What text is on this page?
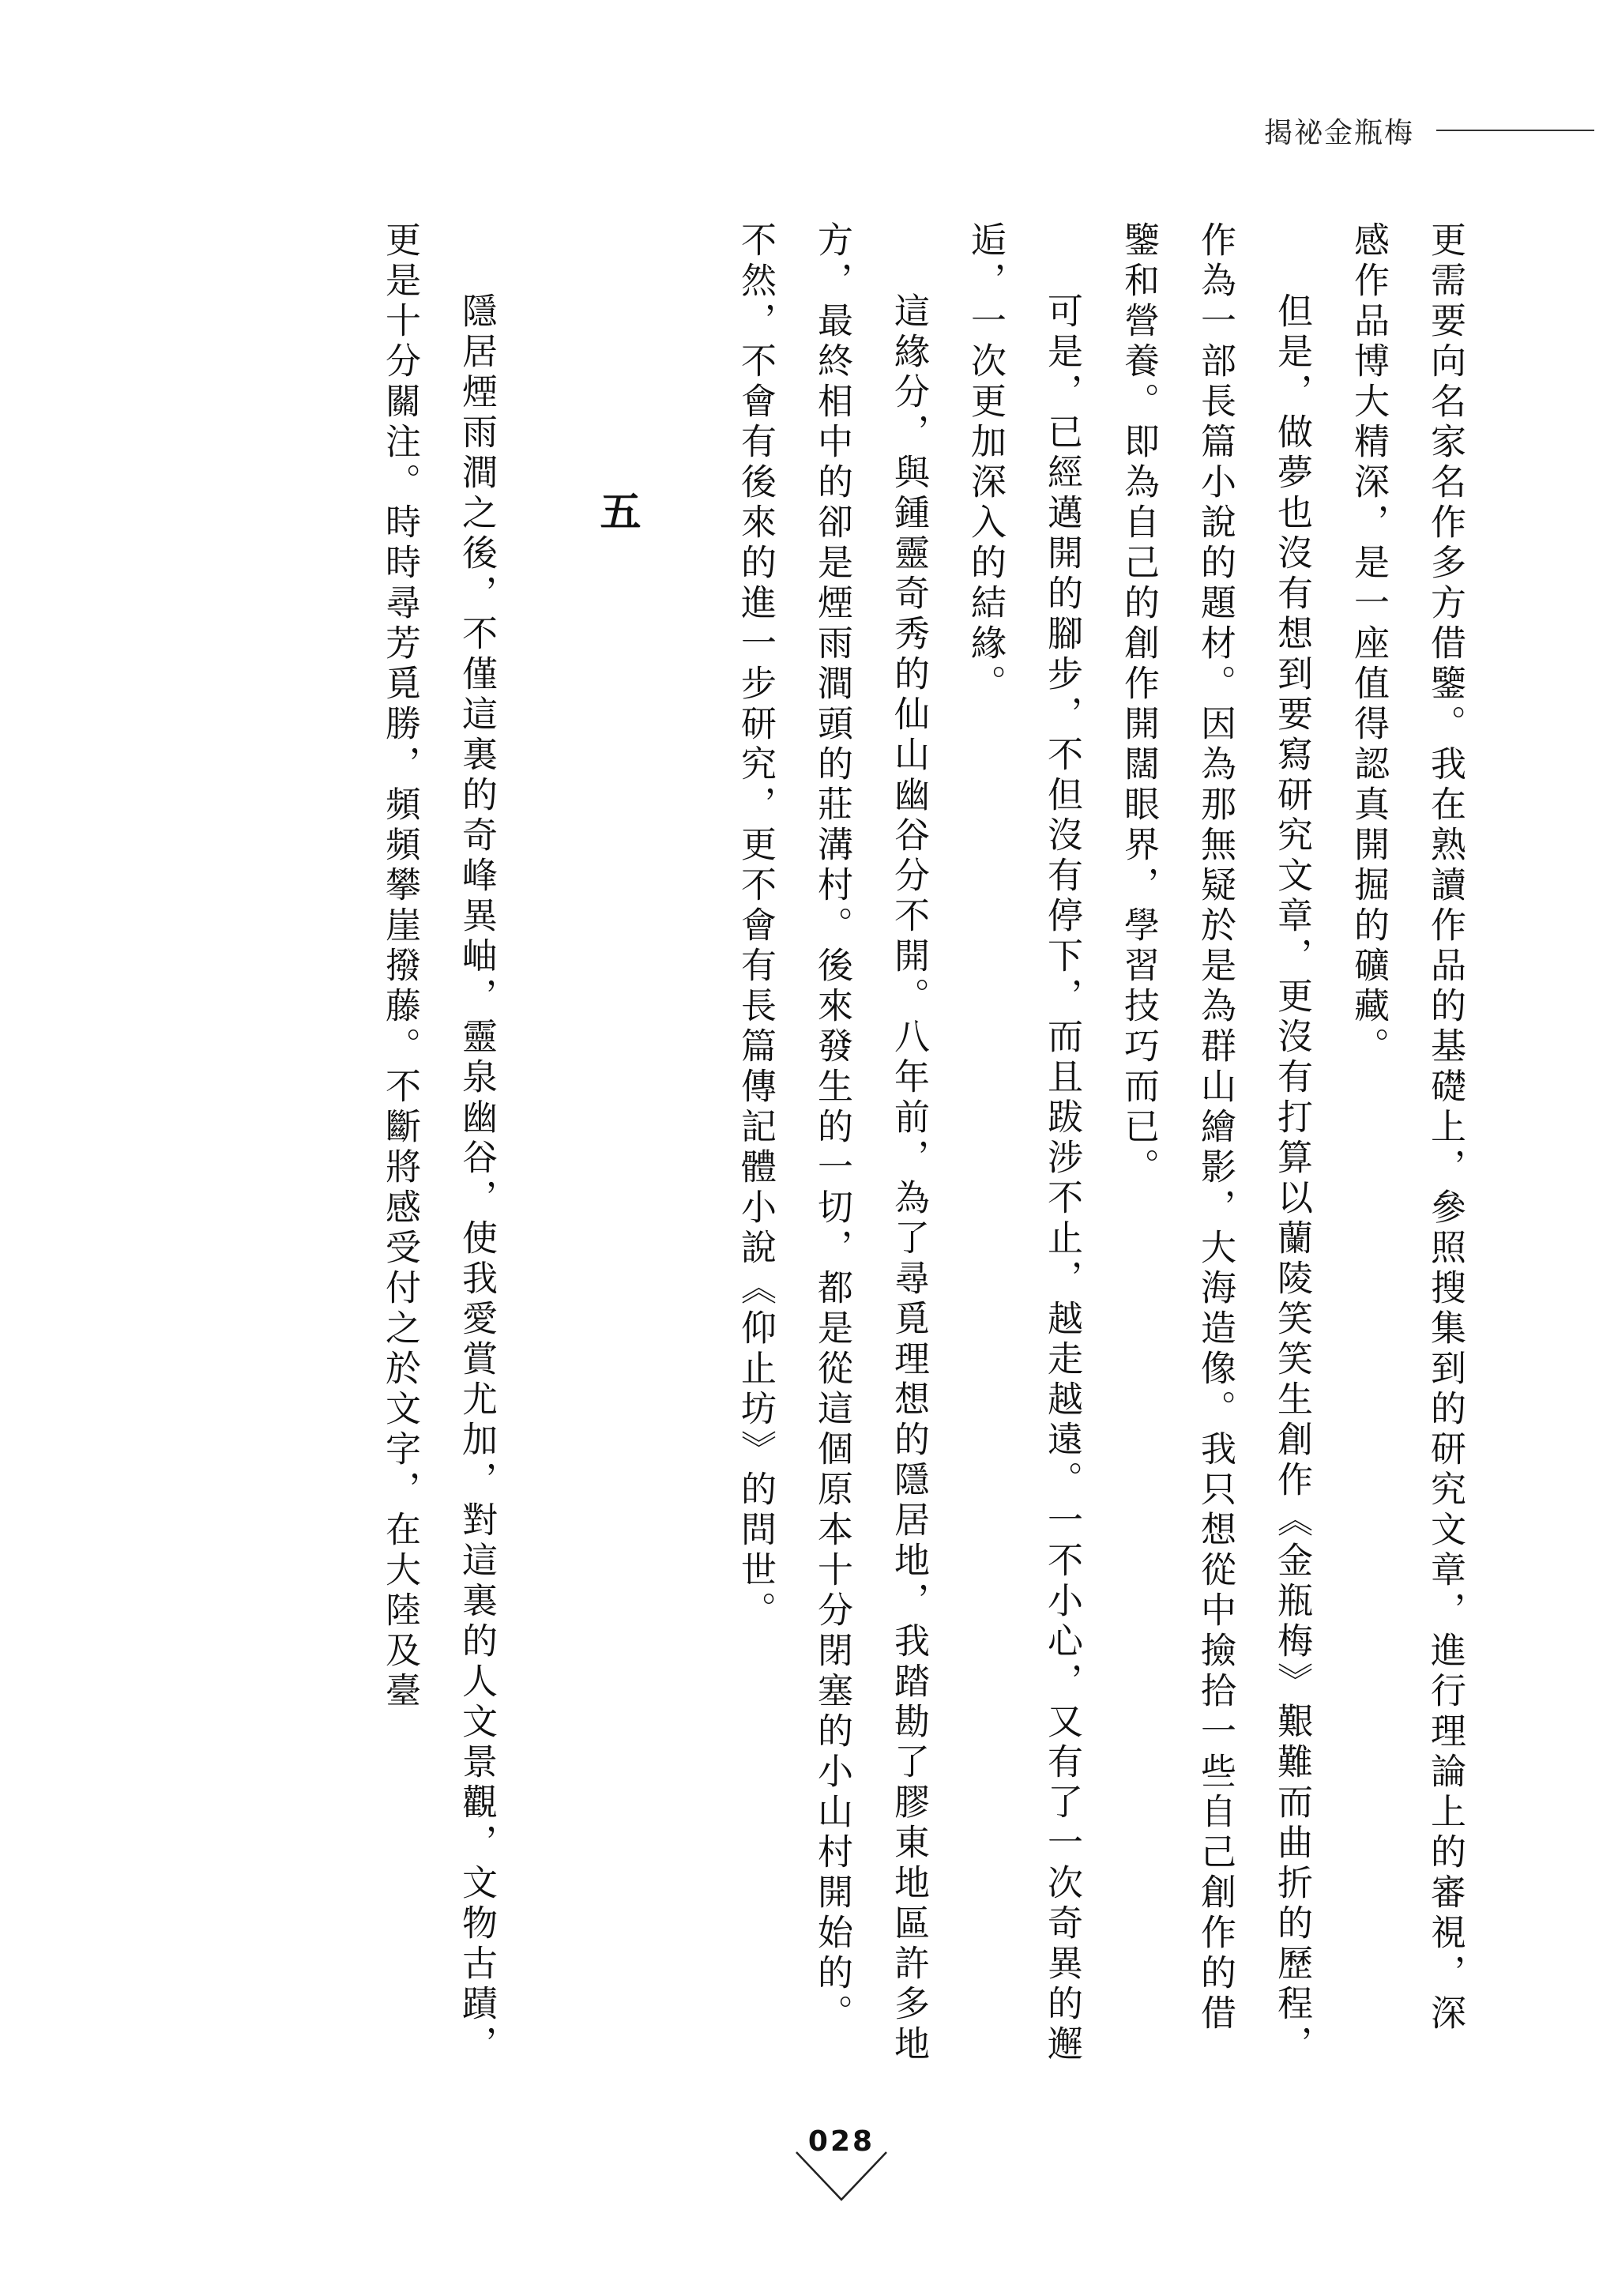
揭祕金瓶梅

更需要向名家名作多方借鑒。我在熟讀作品的基礎上，參照搜集到的研究文章，進行理論上的審視，深感作品博大精深，是一座值得認真開掘的礦藏。

但是，做夢也沒有想到要寫研究文章，更沒有打算以蘭陵笑笑生創作《金瓶梅》艱難而曲折的歷程，作為一部長篇小說的題材。因為那無疑於是為群山繪影，大海造像。我只想從中撿拾一些自己創作的借鑒和營養。即為自己的創作開闊眼界，學習技巧而已。

可是，已經邁開的腳步，不但沒有停下，而且跋涉不止，越走越遠。一不小心，又有了一次奇異的邂逅，一次更加深入的結緣。

這緣分，與鍾靈奇秀的仙山幽谷分不開。八年前，為了尋覓理想的隱居地，我踏勘了膠東地區許多地方，最終相中的卻是煙雨澗頭的莊溝村。後來發生的一切，都是從這個原本十分閉塞的小山村開始的。不然，不會有後來的進一步研究，更不會有長篇傳記體小說《仰止坊》的問世。

五

隱居煙雨澗之後，不僅這裏的奇峰異岫，靈泉幽谷，使我愛賞尤加，對這裏的人文景觀，文物古蹟，更是十分關注。時時尋芳覓勝，頻頻攀崖撥藤。不斷將感受付之於文字，在大陸及臺

028
